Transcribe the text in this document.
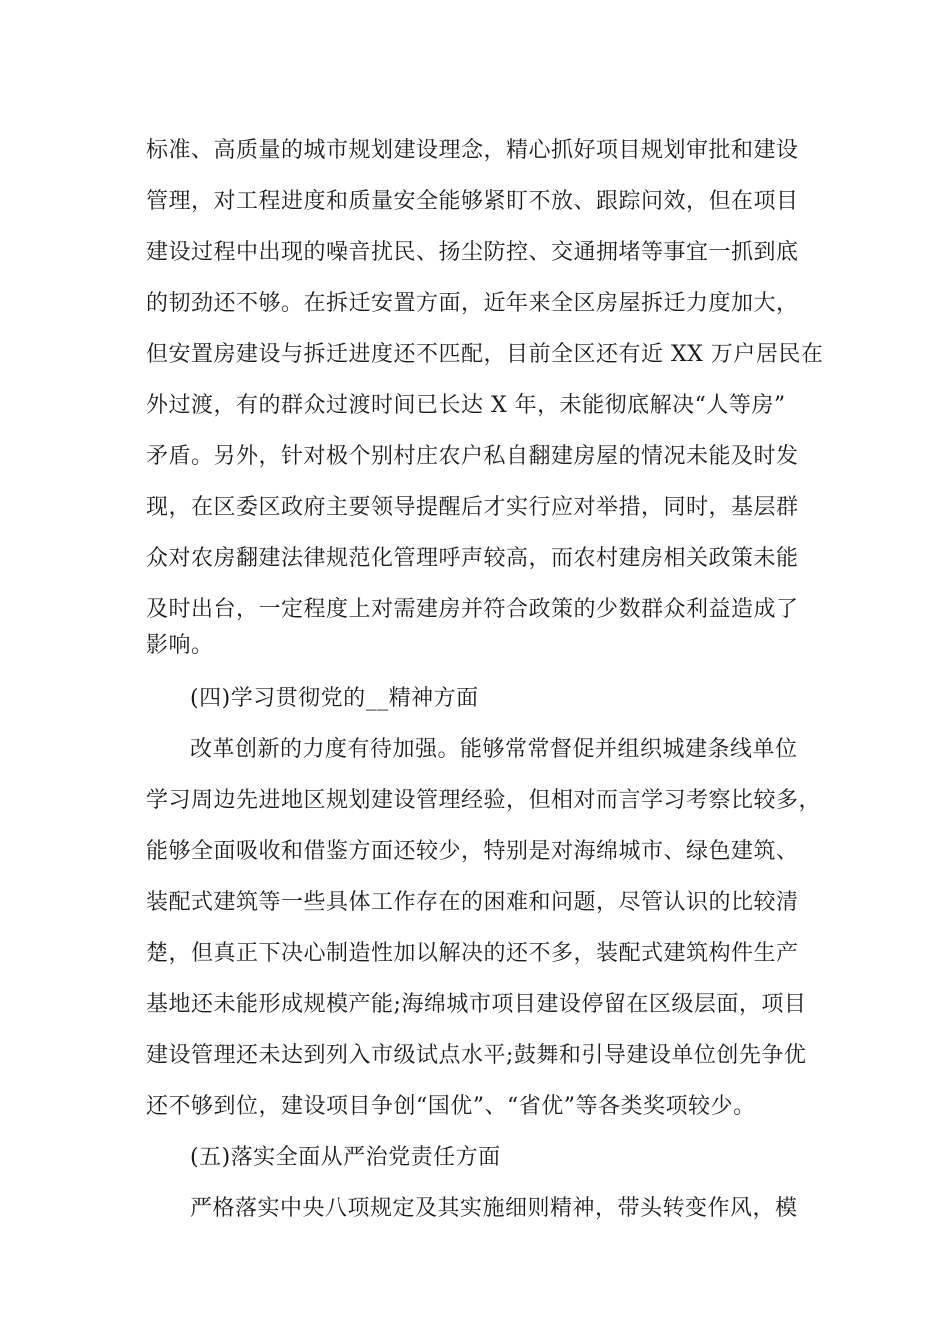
标准、高质量的城市规划建设理念，精心抓好项目规划审批和建设
管理，对工程进度和质量安全能够紧盯不放、跟踪问效，但在项目
建设过程中出现的噪音扰民、扬尘防控、交通拥堵等事宜一抓到底
的韧劲还不够。在拆迁安置方面，近年来全区房屋拆迁力度加大，
但安置房建设与拆迁进度还不匹配，目前全区还有近 XX 万户居民在
外过渡，有的群众过渡时间已长达 X 年，未能彻底解决“人等房”
矛盾。另外，针对极个别村庄农户私自翻建房屋的情况未能及时发
现，在区委区政府主要领导提醒后才实行应对举措，同时，基层群
众对农房翻建法律规范化管理呼声较高，而农村建房相关政策未能
及时出台，一定程度上对需建房并符合政策的少数群众利益造成了
影响。
(四)学习贯彻党的__精神方面
改革创新的力度有待加强。能够常常督促并组织城建条线单位
学习周边先进地区规划建设管理经验，但相对而言学习考察比较多，
能够全面吸收和借鉴方面还较少，特别是对海绵城市、绿色建筑、
装配式建筑等一些具体工作存在的困难和问题，尽管认识的比较清
楚，但真正下决心制造性加以解决的还不多，装配式建筑构件生产
基地还未能形成规模产能;海绵城市项目建设停留在区级层面，项目
建设管理还未达到列入市级试点水平;鼓舞和引导建设单位创先争优
还不够到位，建设项目争创“国优”、“省优”等各类奖项较少。
(五)落实全面从严治党责任方面
严格落实中央八项规定及其实施细则精神，带头转变作风，模
